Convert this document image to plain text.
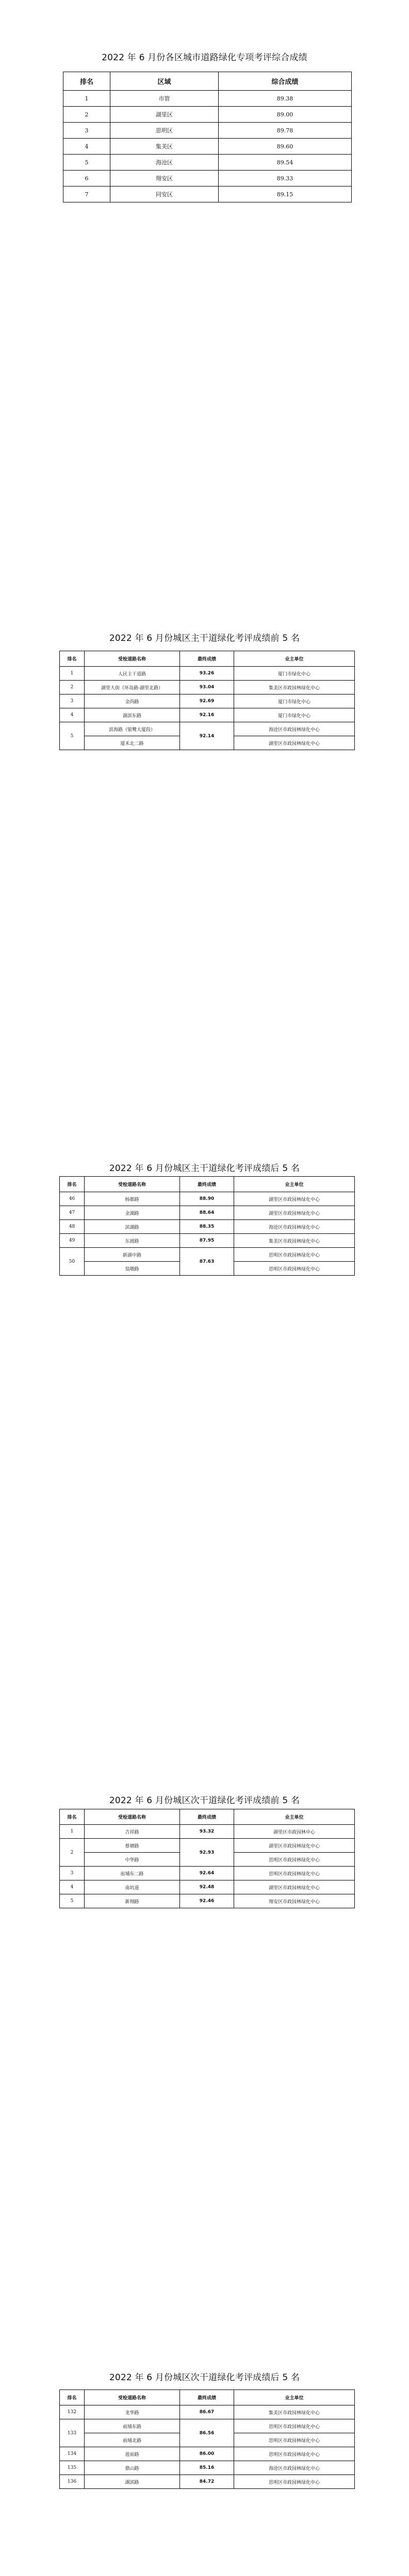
2022 年 6 月份各区城市道路绿化专项考评综合成绩
排名	区域	综合成绩
1	市管	89.38
2	湖里区	89.00
3	思明区	89.78
4	集美区	89.60
5	海沧区	89.54
6	翔安区	89.33
7	同安区	89.15
2022 年 6 月份城区主干道绿化考评成绩前 5 名
排名	受检道路名称	最终成绩	业主单位
1	人民主干道路	93.26	厦门市绿化中心
2	湖里大街（环岛路-湖里北路）	93.04	集美区市政园林绿化中心
3	金尚路	92.69	厦门市绿化中心
4	湖滨东路	92.16	厦门市绿化中心
5	滨海路（银鹭大厦段）	92.14	海沧区市政园林绿化中心
	厦禾北二路		湖里区市政园林绿化中心
2022 年 6 月份城区主干道绿化考评成绩后 5 名
排名	受检道路名称	最终成绩	业主单位
46	杨都路	88.90	湖里区市政园林绿化中心
47	金湖路	88.64	湖里区市政园林绿化中心
48	滨湖路	88.35	海沧区市政园林绿化中心
49	东渡路	87.95	集美区市政园林绿化中心
50	新湖中路	87.63	思明区市政园林绿化中心
	翁墩路		思明区市政园林绿化中心
2022 年 6 月份城区次干道绿化考评成绩前 5 名
排名	受检道路名称	最终成绩	业主单位
1	吉祥路	93.32	湖里区市政园林中心
2	蔡塘路	92.93	湖里区市政园林绿化中心
	中华路		思明区市政园林绿化中心
3	前埔东二路	92.64	思明区市政园林绿化中心
4	南坑道	92.48	湖里区市政园林绿化中心
5	新翔路	92.46	翔安区市政园林绿化中心
2022 年 6 月份城区次干道绿化考评成绩后 5 名
排名	受检道路名称	最终成绩	业主单位
132	龙华路	86.67	集美区市政园林绿化中心
133	前埔东路	86.56	思明区市政园林绿化中心
	前埔北路		思明区市政园林绿化中心
134	莲前路	86.00	思明区市政园林绿化中心
135	鼎山路	85.16	海沧区市政园林绿化中心
136	湖滨路	84.72	思明区市政园林绿化中心
